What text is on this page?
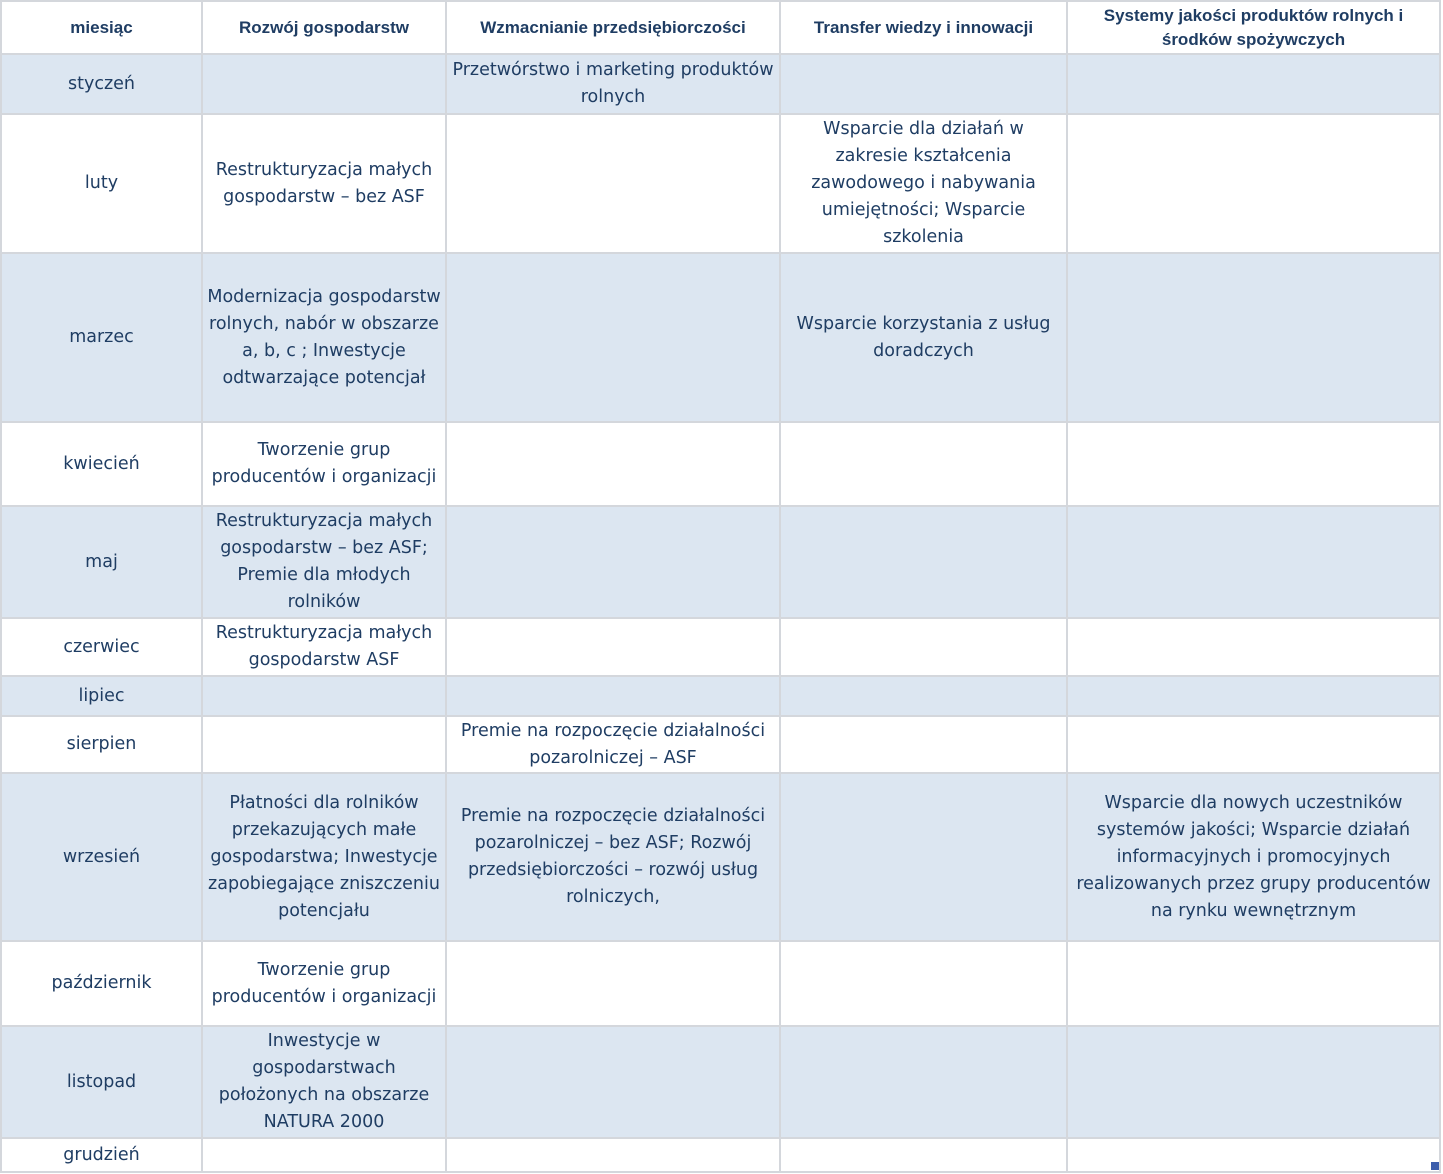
miesiąc	Rozwój gospodarstw	Wzmacnianie przedsiębiorczości	Transfer wiedzy i innowacji	Systemy jakości produktów rolnych i środków spożywczych
styczeń		Przetwórstwo i marketing produktów rolnych		
luty	Restrukturyzacja małych gospodarstw – bez ASF		Wsparcie dla działań w zakresie kształcenia zawodowego i nabywania umiejętności; Wsparcie szkolenia	
marzec	Modernizacja gospodarstw rolnych, nabór w obszarze a, b, c ; Inwestycje odtwarzające potencjał		Wsparcie korzystania z usług doradczych	
kwiecień	Tworzenie grup producentów i organizacji			
maj	Restrukturyzacja małych gospodarstw – bez ASF; Premie dla młodych rolników			
czerwiec	Restrukturyzacja małych gospodarstw ASF			
lipiec				
sierpien		Premie na rozpoczęcie działalności pozarolniczej – ASF		
wrzesień	Płatności dla rolników przekazujących małe gospodarstwa; Inwestycje zapobiegające zniszczeniu potencjału	Premie na rozpoczęcie działalności pozarolniczej – bez ASF; Rozwój przedsiębiorczości – rozwój usług rolniczych,		Wsparcie dla nowych uczestników systemów jakości; Wsparcie działań informacyjnych i promocyjnych realizowanych przez grupy producentów na rynku wewnętrznym
październik	Tworzenie grup producentów i organizacji			
listopad	Inwestycje w gospodarstwach położonych na obszarze NATURA 2000			
grudzień				
